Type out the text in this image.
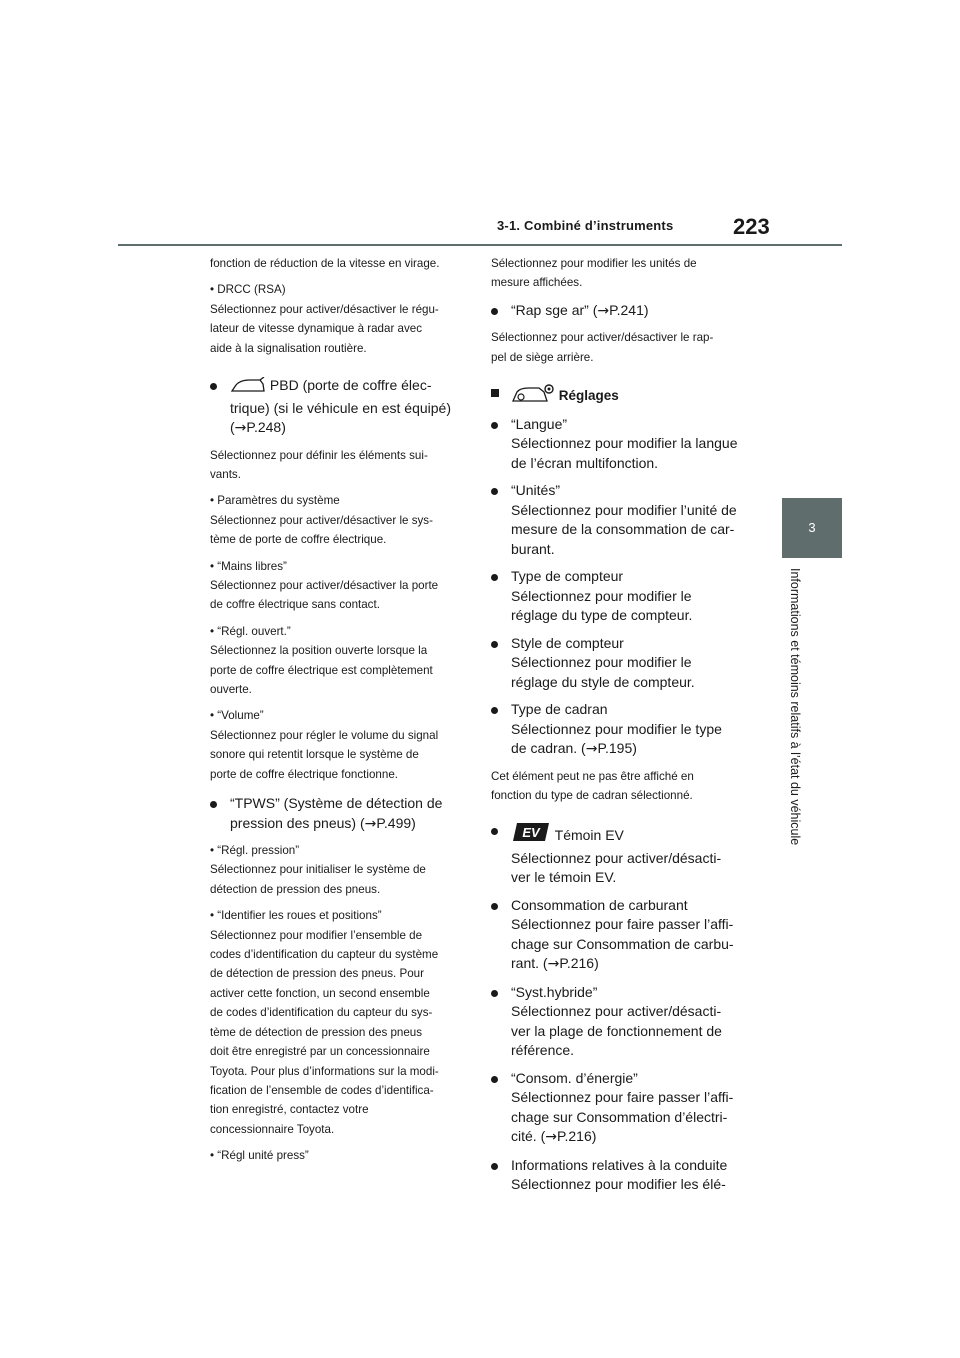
3-1. Combiné d’instruments	223
3
Informations et témoins relatifs à l’état du véhicule

fonction de réduction de la vitesse en virage.

• DRCC (RSA)

Sélectionnez pour activer/désactiver le régu-

lateur de vitesse dynamique à radar avec

aide à la signalisation routière.

PBD (porte de coffre élec-
trique) (si le véhicule en est équipé)
(→P.248)

Sélectionnez pour définir les éléments sui-

vants.

• Paramètres du système

Sélectionnez pour activer/désactiver le sys-

tème de porte de coffre électrique.

• “Mains libres”

Sélectionnez pour activer/désactiver la porte

de coffre électrique sans contact.

• “Régl. ouvert.”

Sélectionnez la position ouverte lorsque la

porte de coffre électrique est complètement

ouverte.

• “Volume”

Sélectionnez pour régler le volume du signal

sonore qui retentit lorsque le système de

porte de coffre électrique fonctionne.

“TPWS” (Système de détection de
pression des pneus) (→P.499)

• “Régl. pression”

Sélectionnez pour initialiser le système de

détection de pression des pneus.

• “Identifier les roues et positions”

Sélectionnez pour modifier l’ensemble de

codes d’identification du capteur du système

de détection de pression des pneus. Pour

activer cette fonction, un second ensemble

de codes d’identification du capteur du sys-

tème de détection de pression des pneus

doit être enregistré par un concessionnaire

Toyota. Pour plus d’informations sur la modi-

fication de l’ensemble de codes d’identifica-

tion enregistré, contactez votre

concessionnaire Toyota.

• “Régl unité press”

Sélectionnez pour modifier les unités de

mesure affichées.

“Rap sge ar” (→P.241)

Sélectionnez pour activer/désactiver le rap-

pel de siège arrière.

Réglages
“Langue”
Sélectionnez pour modifier la langue
de l’écran multifonction.
“Unités”
Sélectionnez pour modifier l’unité de
mesure de la consommation de car-
burant.
Type de compteur
Sélectionnez pour modifier le
réglage du type de compteur.
Style de compteur
Sélectionnez pour modifier le
réglage du style de compteur.
Type de cadran
Sélectionnez pour modifier le type
de cadran. (→P.195)

Cet élément peut ne pas être affiché en

fonction du type de cadran sélectionné.

EV Témoin EV
Sélectionnez pour activer/désacti-
ver le témoin EV.
Consommation de carburant
Sélectionnez pour faire passer l’affi-
chage sur Consommation de carbu-
rant. (→P.216)
“Syst.hybride”
Sélectionnez pour activer/désacti-
ver la plage de fonctionnement de
référence.
“Consom. d’énergie”
Sélectionnez pour faire passer l’affi-
chage sur Consommation d’électri-
cité. (→P.216)
Informations relatives à la conduite
Sélectionnez pour modifier les élé-
